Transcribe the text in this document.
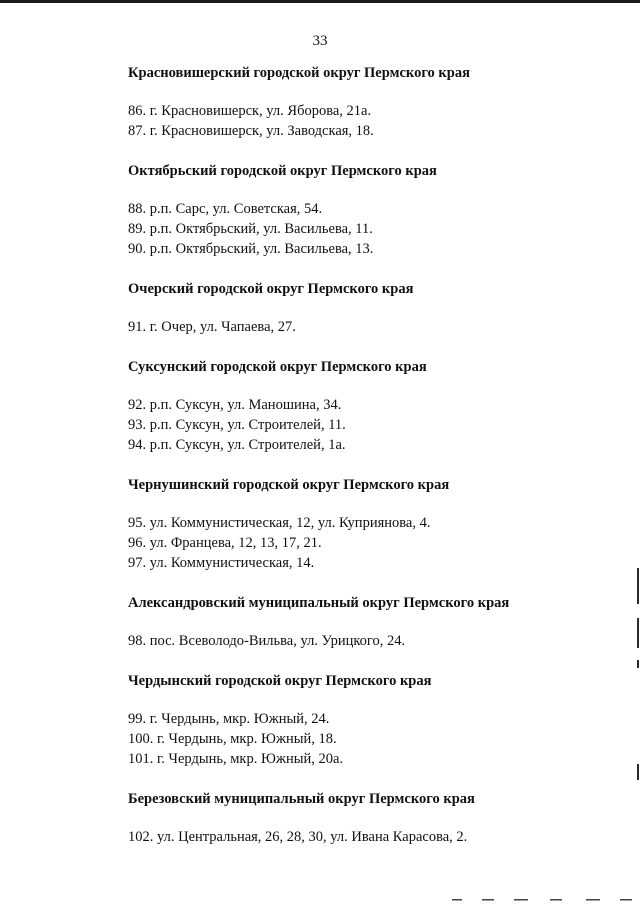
33
Красновишерский городской округ Пермского края
86. г. Красновишерск, ул. Яборова, 21а.
87. г. Красновишерск, ул. Заводская, 18.
Октябрьский городской округ Пермского края
88. р.п. Сарс, ул. Советская, 54.
89. р.п. Октябрьский, ул. Васильева, 11.
90. р.п. Октябрьский, ул. Васильева, 13.
Очерский городской округ Пермского края
91. г. Очер, ул. Чапаева, 27.
Суксунский городской округ Пермского края
92. р.п. Суксун, ул. Маношина, 34.
93. р.п. Суксун, ул. Строителей, 11.
94. р.п. Суксун, ул. Строителей, 1а.
Чернушинский городской округ Пермского края
95. ул. Коммунистическая, 12, ул. Куприянова, 4.
96. ул. Францева, 12, 13, 17, 21.
97. ул. Коммунистическая, 14.
Александровский муниципальный округ Пермского края
98. пос. Всеволодо-Вильва, ул. Урицкого, 24.
Чердынский городской округ Пермского края
99. г. Чердынь, мкр. Южный, 24.
100. г. Чердынь, мкр. Южный, 18.
101. г. Чердынь, мкр. Южный, 20а.
Березовский муниципальный округ Пермского края
102. ул. Центральная, 26, 28, 30, ул. Ивана Карасова, 2.
